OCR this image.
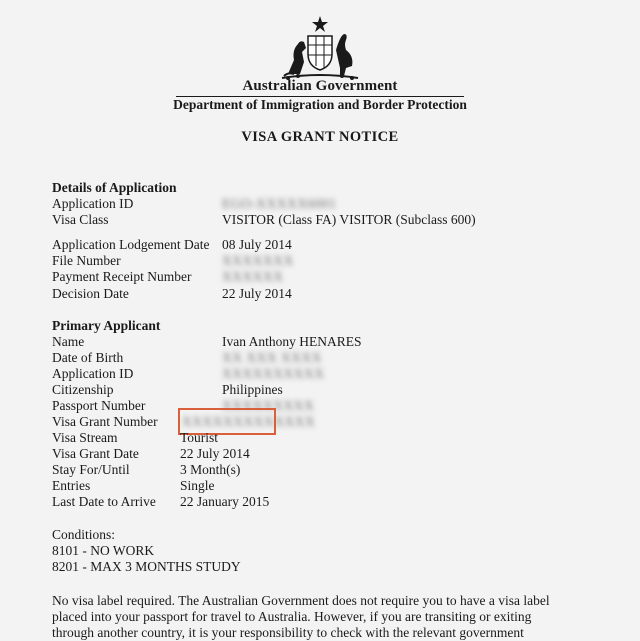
Australian Government
Department of Immigration and Border Protection
VISA GRANT NOTICE
Details of Application
Application ID	EGO-XXXXX6001
Visa Class	VISITOR (Class FA) VISITOR (Subclass 600)
Application Lodgement Date 08 July 2014
File Number	XXXXXXX
Payment Receipt Number XXXXXX
Decision Date	22 July 2014
Primary Applicant
Name	Ivan Anthony HENARES
Date of Birth	XX XXX XXXX
Application ID	XXXXXXXXXX
Citizenship	Philippines
Passport Number	XXXXXXXXX
Visa Grant Number XXXXXXXXXXXXX
Visa Stream	Tourist
Visa Grant Date	22 July 2014
Stay For/Until	3 Month(s)
Entries	Single
Last Date to Arrive 22 January 2015
Conditions:
8101 - NO WORK
8201 - MAX 3 MONTHS STUDY
No visa label required. The Australian Government does not require you to have a visa label
placed into your passport for travel to Australia. However, if you are transiting or exiting
through another country, it is your responsibility to check with the relevant government
